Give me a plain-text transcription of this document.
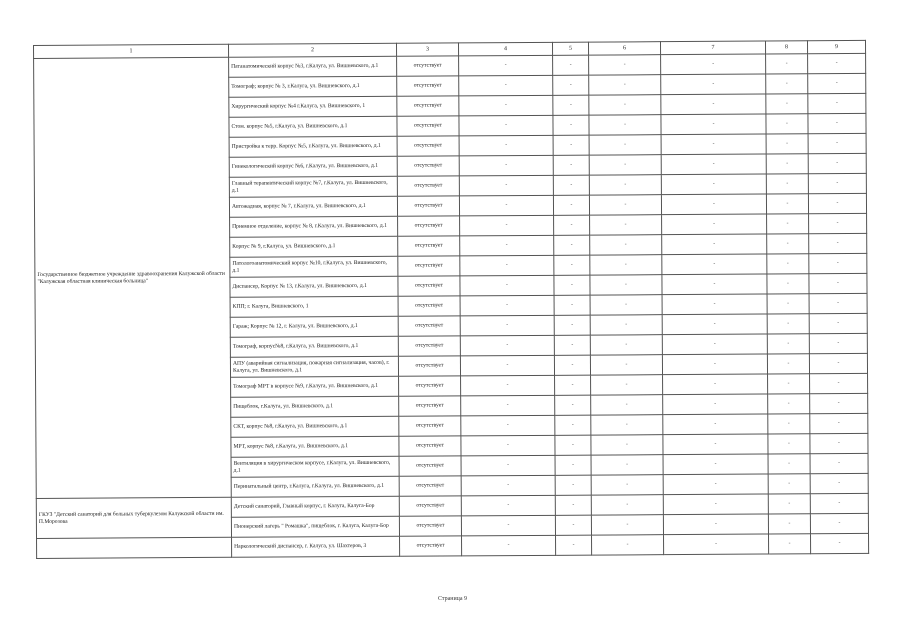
1	2	3	4	5	6	7	8	9
Государственное бюджетное учреждение здравоохранения Калужской области "Калужская областная клиническая больница"	Патанатомический корпус №3, г.Калуга, ул. Вишневского, д.1	отсутствует	-	-	-	-	-	-
	Томограф; корпус № 3, г.Калуга, ул. Вишневского, д.1	отсутствует	-	-	-	-	-	-
	Хирургический корпус №4 г.Калуга, ул. Вишневского, 1	отсутствует	-	-	-	-	-	-
	Стом. корпус №5, г.Калуга, ул. Вишневского, д.1	отсутствует	-	-	-	-	-	-
	Пристройка к терр. Корпус №5, г.Калуга, ул. Вишневского, д.1	отсутствует	-	-	-	-	-	-
	Гинекологический корпус №6, г.Калуга, ул. Вишневского, д.1	отсутствует	-	-	-	-	-	-
	Главный терапевтический корпус №7, г.Калуга, ул. Вишневского, д.1	отсутствует	-	-	-	-	-	-
	Автожадная, корпус № 7, г.Калуга, ул. Вишневского, д.1	отсутствует	-	-	-	-	-	-
	Приемное отделение, корпус № 8, г.Калуга, ул. Вишневского, д.1	отсутствует	-	-	-	-	-	-
	Корпус № 9, г.Калуга, ул. Вишневского, д.1	отсутствует	-	-	-	-	-	-
	Патологоанатомический корпус №10, г.Калуга, ул. Вишневского, д.1	отсутствует	-	-	-	-	-	-
	Диспансер, Корпус № 13, г.Калуга, ул. Вишневского, д.1	отсутствует	-	-	-	-	-	-
	КПП; г. Калуга, Вишневского, 1	отсутствует	-	-	-	-	-	-
	Гараж; Корпус № 12, г. Калуга, ул. Вишневского, д.1	отсутствует	-	-	-	-	-	-
	Томограф, корпус№8, г.Калуга, ул. Вишневского, д.1	отсутствует	-	-	-	-	-	-
	АПУ (аварийная сигнализация, пожарная сигнализация, часов), г. Калуга, ул. Вишневского, д.1	отсутствует	-	-	-	-	-	-
	Томограф МРТ в корпусе №9, г.Калуга, ул. Вишневского, д.1	отсутствует	-	-	-	-	-	-
	Пищеблок, г.Калуга, ул. Вишневского, д.1	отсутствует	-	-	-	-	-	-
	СКТ, корпус №8, г.Калуга, ул. Вишневского, д.1	отсутствует	-	-	-	-	-	-
	МРТ, корпус №8, г.Калуга, ул. Вишневского, д.1	отсутствует	-	-	-	-	-	-
	Вентиляция в хирургическом корпусе, г.Калуга, ул. Вишневского, д.1	отсутствует	-	-	-	-	-	-
	Перинатальный центр, г.Калуга, г.Калуга, ул. Вишневского, д.1	отсутствует	-	-	-	-	-	-
ГКУЗ "Детский санаторий для больных туберкулезом Калужской области им. П.Морозова	Детский санаторий, Главный корпус, г. Калуга, Калуга-Бор	отсутствует	-	-	-	-	-	-
	Пионерский лагерь " Ромашка", пищеблок, г. Калуга, Калуга-Бор	отсутствует	-	-	-	-	-	-
	Наркологический диспансер, г. Калуга, ул. Шахтеров, 3	отсутствует	-	-	-	-	-	-
Страница 9
